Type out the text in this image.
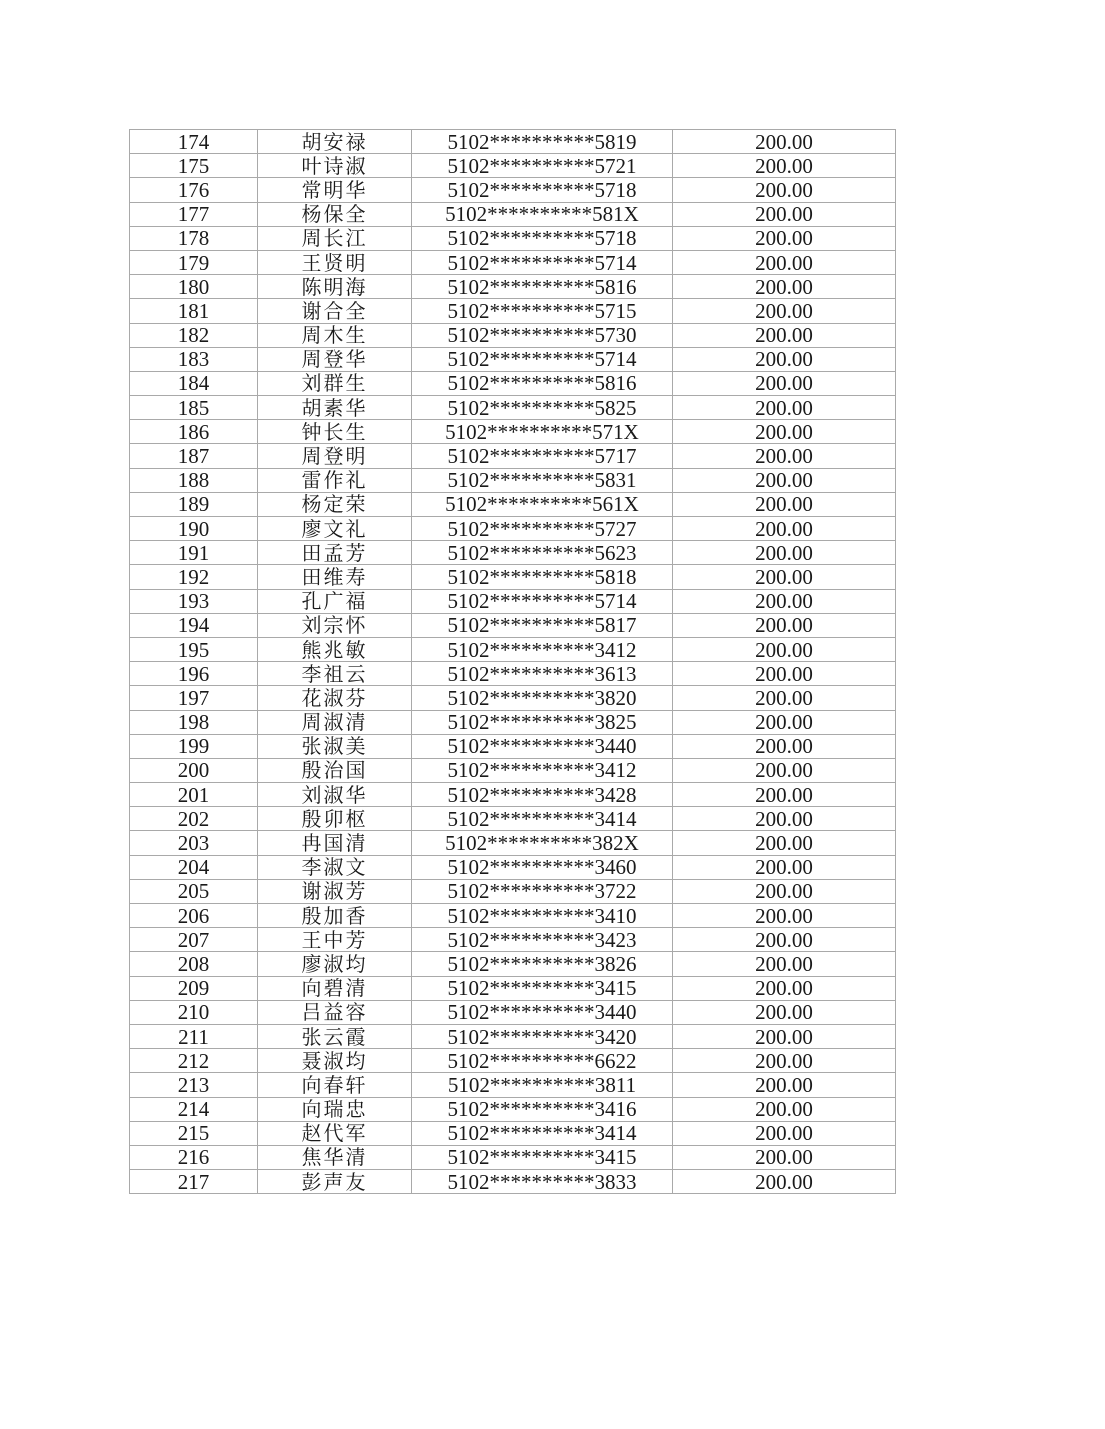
174	胡安禄	5102**********5819	200.00
175	叶诗淑	5102**********5721	200.00
176	常明华	5102**********5718	200.00
177	杨保全	5102**********581X	200.00
178	周长江	5102**********5718	200.00
179	王贤明	5102**********5714	200.00
180	陈明海	5102**********5816	200.00
181	谢合全	5102**********5715	200.00
182	周木生	5102**********5730	200.00
183	周登华	5102**********5714	200.00
184	刘群生	5102**********5816	200.00
185	胡素华	5102**********5825	200.00
186	钟长生	5102**********571X	200.00
187	周登明	5102**********5717	200.00
188	雷作礼	5102**********5831	200.00
189	杨定荣	5102**********561X	200.00
190	廖文礼	5102**********5727	200.00
191	田孟芳	5102**********5623	200.00
192	田维寿	5102**********5818	200.00
193	孔广福	5102**********5714	200.00
194	刘宗怀	5102**********5817	200.00
195	熊兆敏	5102**********3412	200.00
196	李祖云	5102**********3613	200.00
197	花淑芬	5102**********3820	200.00
198	周淑清	5102**********3825	200.00
199	张淑美	5102**********3440	200.00
200	殷治国	5102**********3412	200.00
201	刘淑华	5102**********3428	200.00
202	殷卯枢	5102**********3414	200.00
203	冉国清	5102**********382X	200.00
204	李淑文	5102**********3460	200.00
205	谢淑芳	5102**********3722	200.00
206	殷加香	5102**********3410	200.00
207	王中芳	5102**********3423	200.00
208	廖淑均	5102**********3826	200.00
209	向碧清	5102**********3415	200.00
210	吕益容	5102**********3440	200.00
211	张云霞	5102**********3420	200.00
212	聂淑均	5102**********6622	200.00
213	向春轩	5102**********3811	200.00
214	向瑞忠	5102**********3416	200.00
215	赵代军	5102**********3414	200.00
216	焦华清	5102**********3415	200.00
217	彭声友	5102**********3833	200.00
